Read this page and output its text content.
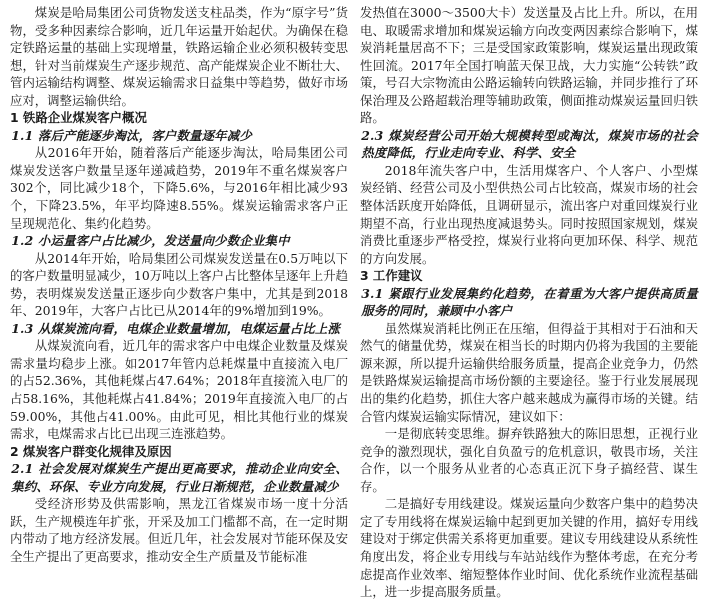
煤炭是哈局集团公司货物发送支柱品类，作为“原字号”货物，受多种因素综合影响，近几年运量开始起伏。为确保在稳定铁路运量的基础上实现增量，铁路运输企业必须积极转变思想，针对当前煤炭生产逐步规范、高产能煤炭企业不断壮大、管内运输结构调整、煤炭运输需求日益集中等趋势，做好市场应对，调整运输供给。

1 铁路企业煤炭客户概况

1.1 落后产能逐步淘汰，客户数量逐年减少

从2016年开始，随着落后产能逐步淘汰，哈局集团公司煤炭发送客户数量呈逐年递减趋势，2019年不重名煤炭客户302个，同比减少18个，下降5.6%，与2016年相比减少93个，下降23.5%，年平均降速8.55%。煤炭运输需求客户正呈现规范化、集约化趋势。

1.2 小运量客户占比减少，发送量向少数企业集中

从2014年开始，哈局集团公司煤炭发送量在0.5万吨以下的客户数量明显减少，10万吨以上客户占比整体呈逐年上升趋势，表明煤炭发送量正逐步向少数客户集中，尤其是到2018年、2019年，大客户占比已从2014年的9%增加到19%。

1.3 从煤炭流向看，电煤企业数量增加，电煤运量占比上涨

从煤炭流向看，近几年的需求客户中电煤企业数量及煤炭需求量均稳步上涨。如2017年管内总耗煤量中直接流入电厂的占52.36%，其他耗煤占47.64%；2018年直接流入电厂的占58.16%，其他耗煤占41.84%；2019年直接流入电厂的占59.00%，其他占41.00%。由此可见，相比其他行业的煤炭需求，电煤需求占比已出现三连涨趋势。

2 煤炭客户群变化规律及原因

2.1 社会发展对煤炭生产提出更高要求，推动企业向安全、集约、环保、专业方向发展，行业日渐规范，企业数量减少

受经济形势及供需影响，黑龙江省煤炭市场一度十分活跃，生产规模连年扩张，开采及加工门槛都不高，在一定时期内带动了地方经济发展。但近几年，社会发展对节能环保及安全生产提出了更高要求，推动安全生产质量及节能标准

发热值在3000～3500大卡）发送量及占比上升。所以，在用电、取暖需求增加和煤炭运输方向改变两因素综合影响下，煤炭消耗量居高不下；三是受国家政策影响，煤炭运量出现政策性回流。2017年全国打响蓝天保卫战，大力实施“公转铁”政策，号召大宗物流由公路运输转向铁路运输，并同步推行了环保治理及公路超载治理等辅助政策，侧面推动煤炭运量回归铁路。

2.3 煤炭经营公司开始大规模转型或淘汰，煤炭市场的社会热度降低，行业走向专业、科学、安全

2018年流失客户中，生活用煤客户、个人客户、小型煤炭经销、经营公司及小型供热公司占比较高，煤炭市场的社会整体活跃度开始降低，且调研显示，流出客户对重回煤炭行业期望不高，行业出现热度减退势头。同时按照国家规划，煤炭消费比重逐步严格受控，煤炭行业将向更加环保、科学、规范的方向发展。

3 工作建议

3.1 紧跟行业发展集约化趋势，在着重为大客户提供高质量服务的同时，兼顾中小客户

虽然煤炭消耗比例正在压缩，但得益于其相对于石油和天然气的储量优势，煤炭在相当长的时期内仍将为我国的主要能源来源，所以提升运输供给服务质量，提高企业竞争力，仍然是铁路煤炭运输提高市场份额的主要途径。鉴于行业发展展现出的集约化趋势，抓住大客户越来越成为赢得市场的关键。结合管内煤炭运输实际情况，建议如下：

一是彻底转变思维。摒弃铁路独大的陈旧思想，正视行业竞争的激烈现状，强化自负盈亏的危机意识，敬畏市场，关注合作，以一个服务从业者的心态真正沉下身子搞经营、谋生存。

二是搞好专用线建设。煤炭运量向少数客户集中的趋势决定了专用线将在煤炭运输中起到更加关键的作用，搞好专用线建设对于绑定供需关系将更加重要。建议专用线建设从系统性角度出发，将企业专用线与车站站线作为整体考虑，在充分考虑提高作业效率、缩短整体作业时间、优化系统作业流程基础上，进一步提高服务质量。
